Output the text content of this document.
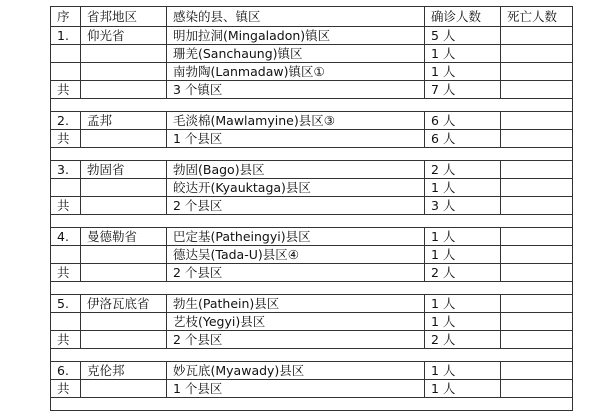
序	省邦地区	感染的县、镇区	确诊人数	死亡人数
1.	仰光省	明加拉洞(Mingaladon)镇区	5 人	
		珊羌(Sanchaung)镇区	1 人	
		南勃陶(Lanmadaw)镇区①	1 人	
共		3 个镇区	7 人	

2.	孟邦	毛淡棉(Mawlamyine)县区③	6 人	
共		1 个县区	6 人	

3.	勃固省	勃固(Bago)县区	2 人	
		皎达开(Kyauktaga)县区	1 人	
共		2 个县区	3 人	

4.	曼德勒省	巴定基(Patheingyi)县区	1 人	
		德达吴(Tada-U)县区④	1 人	
共		2 个县区	2 人	

5.	伊洛瓦底省	勃生(Pathein)县区	1 人	
		艺枝(Yegyi)县区	1 人	
共		2 个县区	2 人	

6.	克伦邦	妙瓦底(Myawady)县区	1 人	
共		1 个县区	1 人	
